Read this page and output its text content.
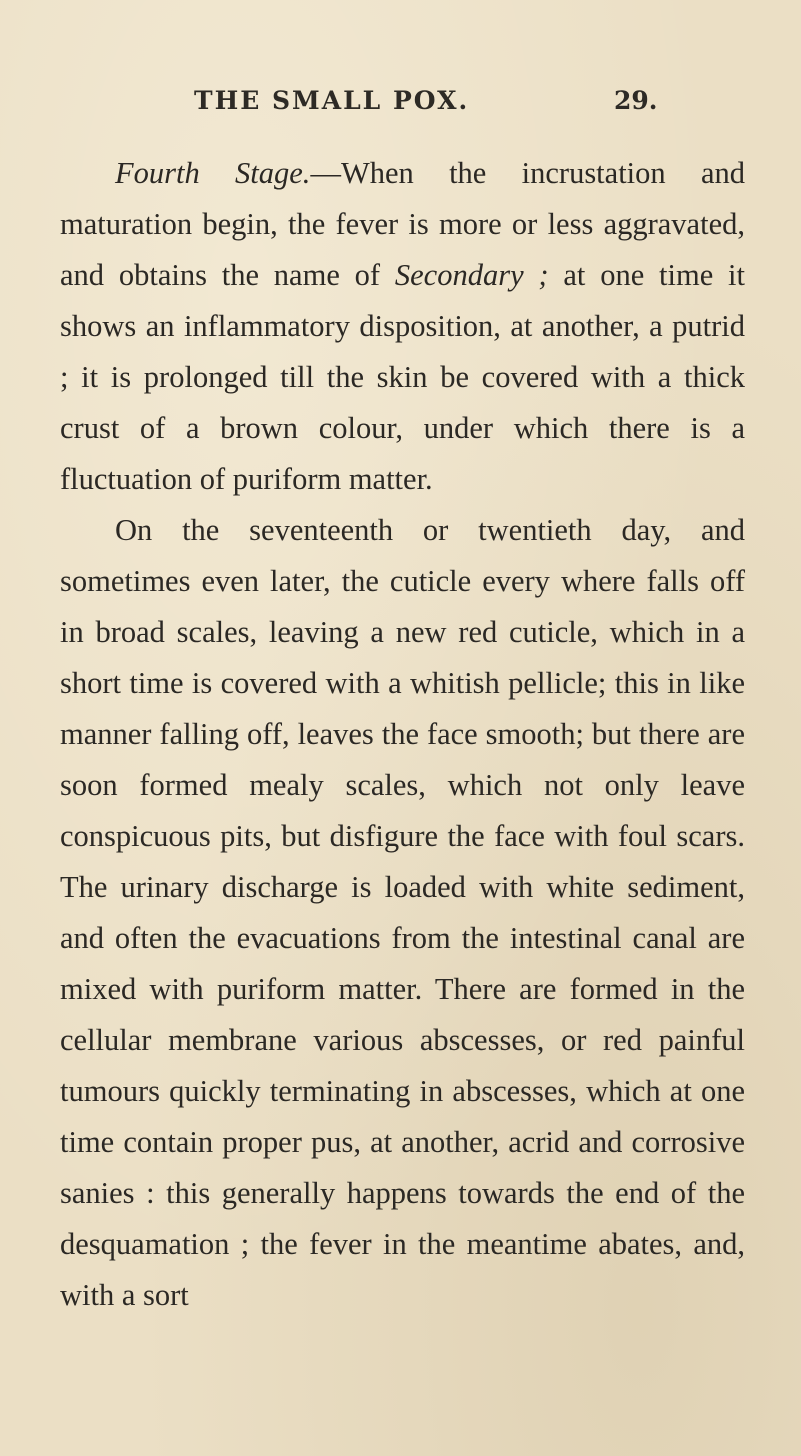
THE SMALL POX.	29.

Fourth Stage.—When the incrustation and maturation begin, the fever is more or less aggravated, and obtains the name of Secondary ; at one time it shows an inflammatory disposition, at another, a putrid ; it is prolonged till the skin be covered with a thick crust of a brown colour, under which there is a fluctuation of puriform matter.

On the seventeenth or twentieth day, and sometimes even later, the cuticle every where falls off in broad scales, leaving a new red cuticle, which in a short time is covered with a whitish pellicle; this in like manner falling off, leaves the face smooth; but there are soon formed mealy scales, which not only leave conspicuous pits, but disfigure the face with foul scars. The urinary discharge is loaded with white sediment, and often the evacuations from the intestinal canal are mixed with puriform matter. There are formed in the cellular membrane various abscesses, or red painful tumours quickly terminating in abscesses, which at one time contain proper pus, at another, acrid and corrosive sanies : this generally happens towards the end of the desquamation ; the fever in the meantime abates, and, with a sort
